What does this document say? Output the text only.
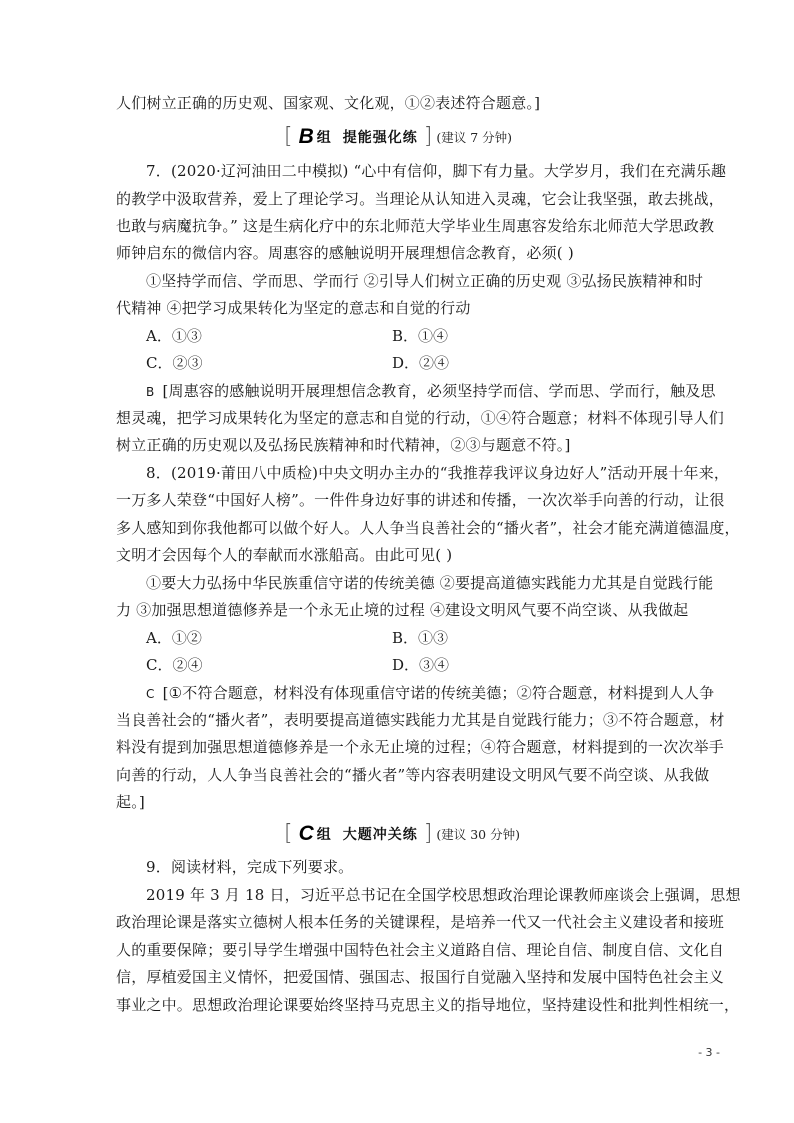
人们树立正确的历史观、国家观、文化观，①②表述符合题意。]
[ B 组 提能强化练 ] (建议 7 分钟)
7．(2020·辽河油田二中模拟) “心中有信仰，脚下有力量。大学岁月，我们在充满乐趣
的教学中汲取营养，爱上了理论学习。当理论从认知进入灵魂，它会让我坚强，敢去挑战，
也敢与病魔抗争。” 这是生病化疗中的东北师范大学毕业生周惠容发给东北师范大学思政教
师钟启东的微信内容。周惠容的感触说明开展理想信念教育，必须( )
①坚持学而信、学而思、学而行 ②引导人们树立正确的历史观 ③弘扬民族精神和时
代精神 ④把学习成果转化为坚定的意志和自觉的行动
A．①③	B．①④
C．②③	D．②④
B [周惠容的感触说明开展理想信念教育，必须坚持学而信、学而思、学而行，触及思
想灵魂，把学习成果转化为坚定的意志和自觉的行动，①④符合题意；材料不体现引导人们
树立正确的历史观以及弘扬民族精神和时代精神，②③与题意不符。]
8．(2019·莆田八中质检)中央文明办主办的“我推荐我评议身边好人”活动开展十年来，
一万多人荣登“中国好人榜”。一件件身边好事的讲述和传播，一次次举手向善的行动，让很
多人感知到你我他都可以做个好人。人人争当良善社会的“播火者”，社会才能充满道德温度，
文明才会因每个人的奉献而水涨船高。由此可见( )
①要大力弘扬中华民族重信守诺的传统美德 ②要提高道德实践能力尤其是自觉践行能
力 ③加强思想道德修养是一个永无止境的过程 ④建设文明风气要不尚空谈、从我做起
A．①②	B．①③
C．②④	D．③④
C [①不符合题意，材料没有体现重信守诺的传统美德；②符合题意，材料提到人人争
当良善社会的“播火者”，表明要提高道德实践能力尤其是自觉践行能力；③不符合题意，材
料没有提到加强思想道德修养是一个永无止境的过程；④符合题意，材料提到的一次次举手
向善的行动，人人争当良善社会的“播火者”等内容表明建设文明风气要不尚空谈、从我做
起。]
[ C 组 大题冲关练 ] (建议 30 分钟)
9．阅读材料，完成下列要求。
2019 年 3 月 18 日，习近平总书记在全国学校思想政治理论课教师座谈会上强调，思想
政治理论课是落实立德树人根本任务的关键课程，是培养一代又一代社会主义建设者和接班
人的重要保障；要引导学生增强中国特色社会主义道路自信、理论自信、制度自信、文化自
信，厚植爱国主义情怀，把爱国情、强国志、报国行自觉融入坚持和发展中国特色社会主义
事业之中。思想政治理论课要始终坚持马克思主义的指导地位，坚持建设性和批判性相统一，
- 3 -
